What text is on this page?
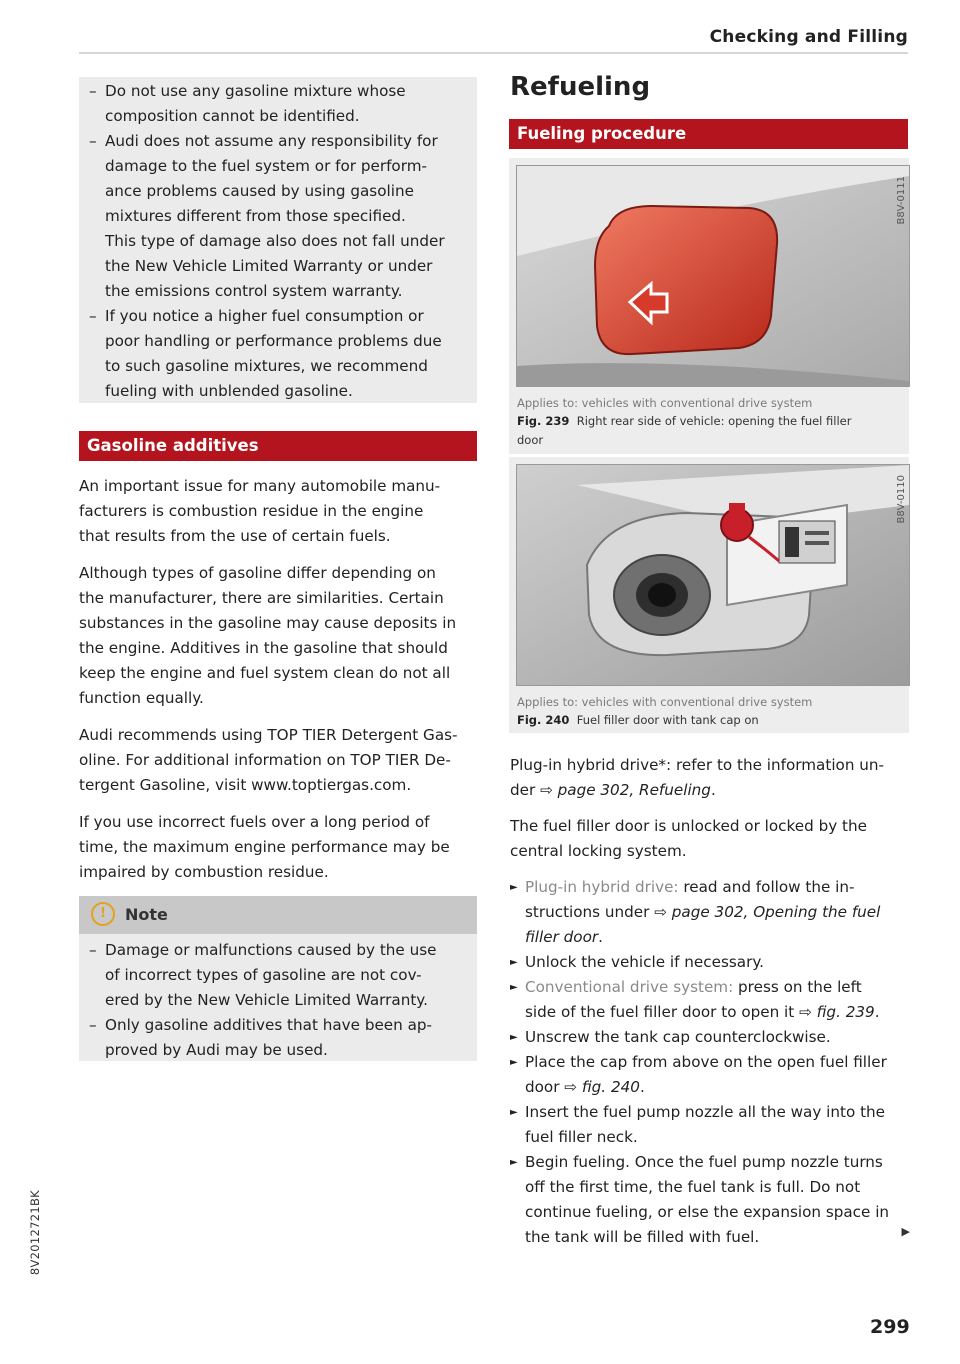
Checking and Filling
– Do not use any gasoline mixture whose
composition cannot be identified.
– Audi does not assume any responsibility for
damage to the fuel system or for perform-
ance problems caused by using gasoline
mixtures different from those specified.
This type of damage also does not fall under
the New Vehicle Limited Warranty or under
the emissions control system warranty.
– If you notice a higher fuel consumption or
poor handling or performance problems due
to such gasoline mixtures, we recommend
fueling with unblended gasoline.
Gasoline additives

An important issue for many automobile manu-
facturers is combustion residue in the engine
that results from the use of certain fuels.

Although types of gasoline differ depending on
the manufacturer, there are similarities. Certain
substances in the gasoline may cause deposits in
the engine. Additives in the gasoline that should
keep the engine and fuel system clean do not all
function equally.

Audi recommends using TOP TIER Detergent Gas-
oline. For additional information on TOP TIER De-
tergent Gasoline, visit www.toptiergas.com.

If you use incorrect fuels over a long period of
time, the maximum engine performance may be
impaired by combustion residue.

! Note
– Damage or malfunctions caused by the use
of incorrect types of gasoline are not cov-
ered by the New Vehicle Limited Warranty.
– Only gasoline additives that have been ap-
proved by Audi may be used.
Refueling
Fueling procedure
B8V-0111
Applies to: vehicles with conventional drive system
Fig. 239 Right rear side of vehicle: opening the fuel filler
door
B8V-0110
Applies to: vehicles with conventional drive system
Fig. 240 Fuel filler door with tank cap on

Plug-in hybrid drive*: refer to the information un-
der ⇨ page 302, Refueling.

The fuel filler door is unlocked or locked by the
central locking system.

► Plug-in hybrid drive: read and follow the in-
structions under ⇨ page 302, Opening the fuel
filler door.
► Unlock the vehicle if necessary.
► Conventional drive system: press on the left
side of the fuel filler door to open it ⇨ fig. 239.
► Unscrew the tank cap counterclockwise.
► Place the cap from above on the open fuel filler
door ⇨ fig. 240.
► Insert the fuel pump nozzle all the way into the
fuel filler neck.
► Begin fueling. Once the fuel pump nozzle turns
off the first time, the fuel tank is full. Do not
continue fueling, or else the expansion space in
the tank will be filled with fuel.	▶
299
8V2012721BK
